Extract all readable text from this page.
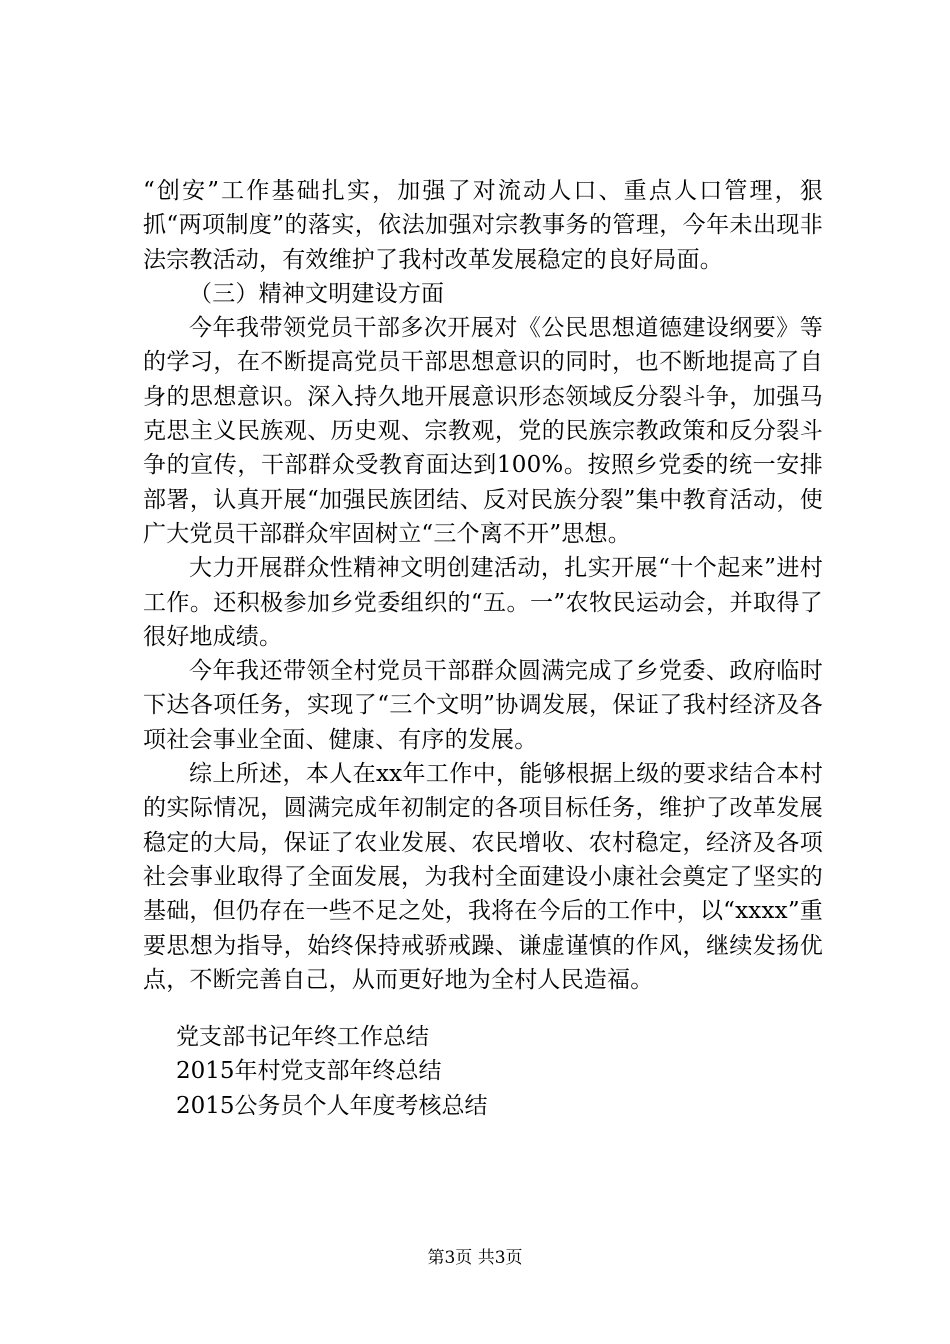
“创安”工作基础扎实，加强了对流动人口、重点人口管理，狠抓“两项制度”的落实，依法加强对宗教事务的管理，今年未出现非法宗教活动，有效维护了我村改革发展稳定的良好局面。

（三）精神文明建设方面

今年我带领党员干部多次开展对《公民思想道德建设纲要》等的学习，在不断提高党员干部思想意识的同时，也不断地提高了自身的思想意识。深入持久地开展意识形态领域反分裂斗争，加强马克思主义民族观、历史观、宗教观，党的民族宗教政策和反分裂斗争的宣传，干部群众受教育面达到100%。按照乡党委的统一安排部署，认真开展“加强民族团结、反对民族分裂”集中教育活动，使广大党员干部群众牢固树立“三个离不开”思想。

大力开展群众性精神文明创建活动，扎实开展“十个起来”进村工作。还积极参加乡党委组织的“五。一”农牧民运动会，并取得了很好地成绩。

今年我还带领全村党员干部群众圆满完成了乡党委、政府临时下达各项任务，实现了“三个文明”协调发展，保证了我村经济及各项社会事业全面、健康、有序的发展。

综上所述，本人在xx年工作中，能够根据上级的要求结合本村的实际情况，圆满完成年初制定的各项目标任务，维护了改革发展稳定的大局，保证了农业发展、农民增收、农村稳定，经济及各项社会事业取得了全面发展，为我村全面建设小康社会奠定了坚实的基础，但仍存在一些不足之处，我将在今后的工作中，以“xxxx”重要思想为指导，始终保持戒骄戒躁、谦虚谨慎的作风，继续发扬优点，不断完善自己，从而更好地为全村人民造福。

党支部书记年终工作总结
2015年村党支部年终总结
2015公务员个人年度考核总结
第3页 共3页
